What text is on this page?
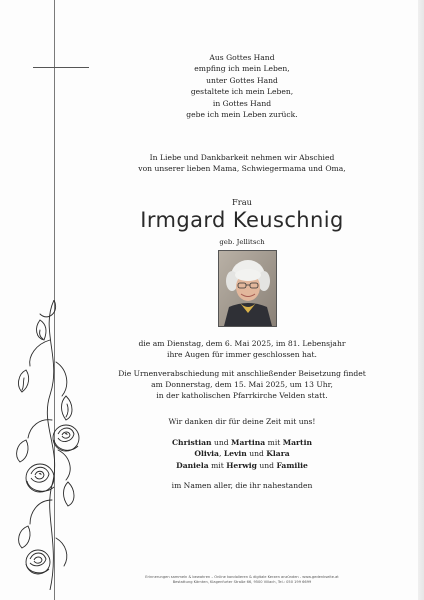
Aus Gottes Hand
empfing ich mein Leben,
unter Gottes Hand
gestaltete ich mein Leben,
in Gottes Hand
gebe ich mein Leben zurück.
In Liebe und Dankbarkeit nehmen wir Abschied
von unserer lieben Mama, Schwiegermama und Oma,
Frau
Irmgard Keuschnig
geb. Jellitsch
die am Dienstag, dem 6. Mai 2025, im 81. Lebensjahr
ihre Augen für immer geschlossen hat.
Die Urnenverabschiedung mit anschließender Beisetzung findet
am Donnerstag, dem 15. Mai 2025, um 13 Uhr,
in der katholischen Pfarrkirche Velden statt.
Wir danken dir für deine Zeit mit uns!
Christian und Martina mit Martin
Olivia, Levin und Klara
Daniela mit Herwig und Familie
im Namen aller, die ihr nahestanden
Erinnerungen sammeln & bewahren – Online kondolieren & digitale Kerzen anzünden - www.gedenkseite.at
Bestattung Kärnten, Klagenfurter Straße 66, 9500 Villach, Tel.: 050 199 6699
